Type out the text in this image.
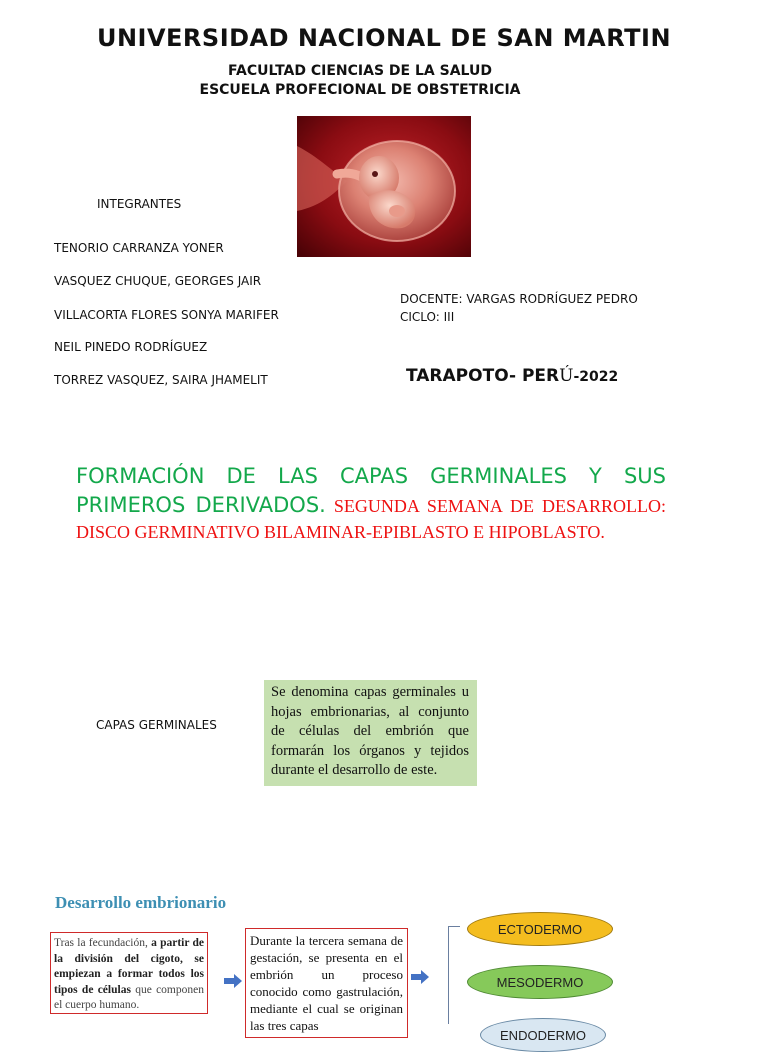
UNIVERSIDAD NACIONAL DE SAN MARTIN
FACULTAD CIENCIAS DE LA SALUD
ESCUELA PROFECIONAL DE OBSTETRICIA
INTEGRANTES
TENORIO CARRANZA YONER
VASQUEZ CHUQUE, GEORGES JAIR
VILLACORTA FLORES SONYA MARIFER
NEIL PINEDO RODRÍGUEZ
TORREZ VASQUEZ, SAIRA JHAMELIT
DOCENTE: VARGAS RODRÍGUEZ PEDRO
CICLO: III
TARAPOTO- PERÚ-2022
FORMACIÓN DE LAS CAPAS GERMINALES Y SUS PRIMEROS DERIVADOS. SEGUNDA SEMANA DE DESARROLLO: DISCO GERMINATIVO BILAMINAR-EPIBLASTO E HIPOBLASTO.
CAPAS GERMINALES
Se denomina capas germinales u hojas embrionarias, al conjunto de células del embrión que formarán los órganos y tejidos durante el desarrollo de este.
Desarrollo embrionario
Tras la fecundación, a partir de la división del cigoto, se empiezan a formar todos los tipos de células que componen el cuerpo humano.
Durante la tercera semana de gestación, se presenta en el embrión un proceso conocido como gastrulación, mediante el cual se originan las tres capas
ECTODERMO
MESODERMO
ENDODERMO
